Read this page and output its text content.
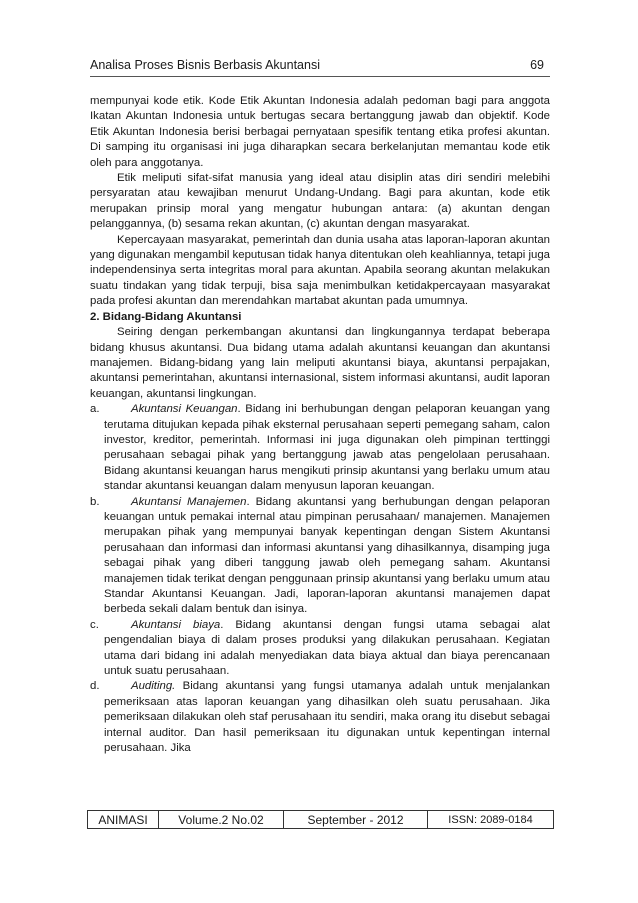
Analisa Proses Bisnis Berbasis Akuntansi	69

mempunyai kode etik. Kode Etik Akuntan Indonesia adalah pedoman bagi para anggota Ikatan Akuntan Indonesia untuk bertugas secara bertanggung jawab dan objektif. Kode Etik Akuntan Indonesia berisi berbagai pernyataan spesifik tentang etika profesi akuntan. Di samping itu organisasi ini juga diharapkan secara berkelanjutan memantau kode etik oleh para anggotanya.

Etik meliputi sifat-sifat manusia yang ideal atau disiplin atas diri sendiri melebihi persyaratan atau kewajiban menurut Undang-Undang. Bagi para akuntan, kode etik merupakan prinsip moral yang mengatur hubungan antara: (a) akuntan dengan pelanggannya, (b) sesama rekan akuntan, (c) akuntan dengan masyarakat.

Kepercayaan masyarakat, pemerintah dan dunia usaha atas laporan-laporan akuntan yang digunakan mengambil keputusan tidak hanya ditentukan oleh keahliannya, tetapi juga independensinya serta integritas moral para akuntan. Apabila seorang akuntan melakukan suatu tindakan yang tidak terpuji, bisa saja menimbulkan ketidakpercayaan masyarakat pada profesi akuntan dan merendahkan martabat akuntan pada umumnya.

2. Bidang-Bidang Akuntansi

Seiring dengan perkembangan akuntansi dan lingkungannya terdapat beberapa bidang khusus akuntansi. Dua bidang utama adalah akuntansi keuangan dan akuntansi manajemen. Bidang-bidang yang lain meliputi akuntansi biaya, akuntansi perpajakan, akuntansi pemerintahan, akuntansi internasional, sistem informasi akuntansi, audit laporan keuangan, akuntansi lingkungan.

a.	Akuntansi Keuangan. Bidang ini berhubungan dengan pelaporan keuangan yang terutama ditujukan kepada pihak eksternal perusahaan seperti pemegang saham, calon investor, kreditor, pemerintah. Informasi ini juga digunakan oleh pimpinan terttinggi perusahaan sebagai pihak yang bertanggung jawab atas pengelolaan perusahaan. Bidang akuntansi keuangan harus mengikuti prinsip akuntansi yang berlaku umum atau standar akuntansi keuangan dalam menyusun laporan keuangan.
b.	Akuntansi Manajemen. Bidang akuntansi yang berhubungan dengan pelaporan keuangan untuk pemakai internal atau pimpinan perusahaan/ manajemen. Manajemen merupakan pihak yang mempunyai banyak kepentingan dengan Sistem Akuntansi perusahaan dan informasi dan informasi akuntansi yang dihasilkannya, disamping juga sebagai pihak yang diberi tanggung jawab oleh pemegang saham. Akuntansi manajemen tidak terikat dengan penggunaan prinsip akuntansi yang berlaku umum atau Standar Akuntansi Keuangan. Jadi, laporan-laporan akuntansi manajemen dapat berbeda sekali dalam bentuk dan isinya.
c.	Akuntansi biaya. Bidang akuntansi dengan fungsi utama sebagai alat pengendalian biaya di dalam proses produksi yang dilakukan perusahaan. Kegiatan utama dari bidang ini adalah menyediakan data biaya aktual dan biaya perencanaan untuk suatu perusahaan.
d.	Auditing. Bidang akuntansi yang fungsi utamanya adalah untuk menjalankan pemeriksaan atas laporan keuangan yang dihasilkan oleh suatu perusahaan. Jika pemeriksaan dilakukan oleh staf perusahaan itu sendiri, maka orang itu disebut sebagai internal auditor. Dan hasil pemeriksaan itu digunakan untuk kepentingan internal perusahaan. Jika
ANIMASI	Volume.2 No.02	September - 2012	ISSN: 2089-0184
